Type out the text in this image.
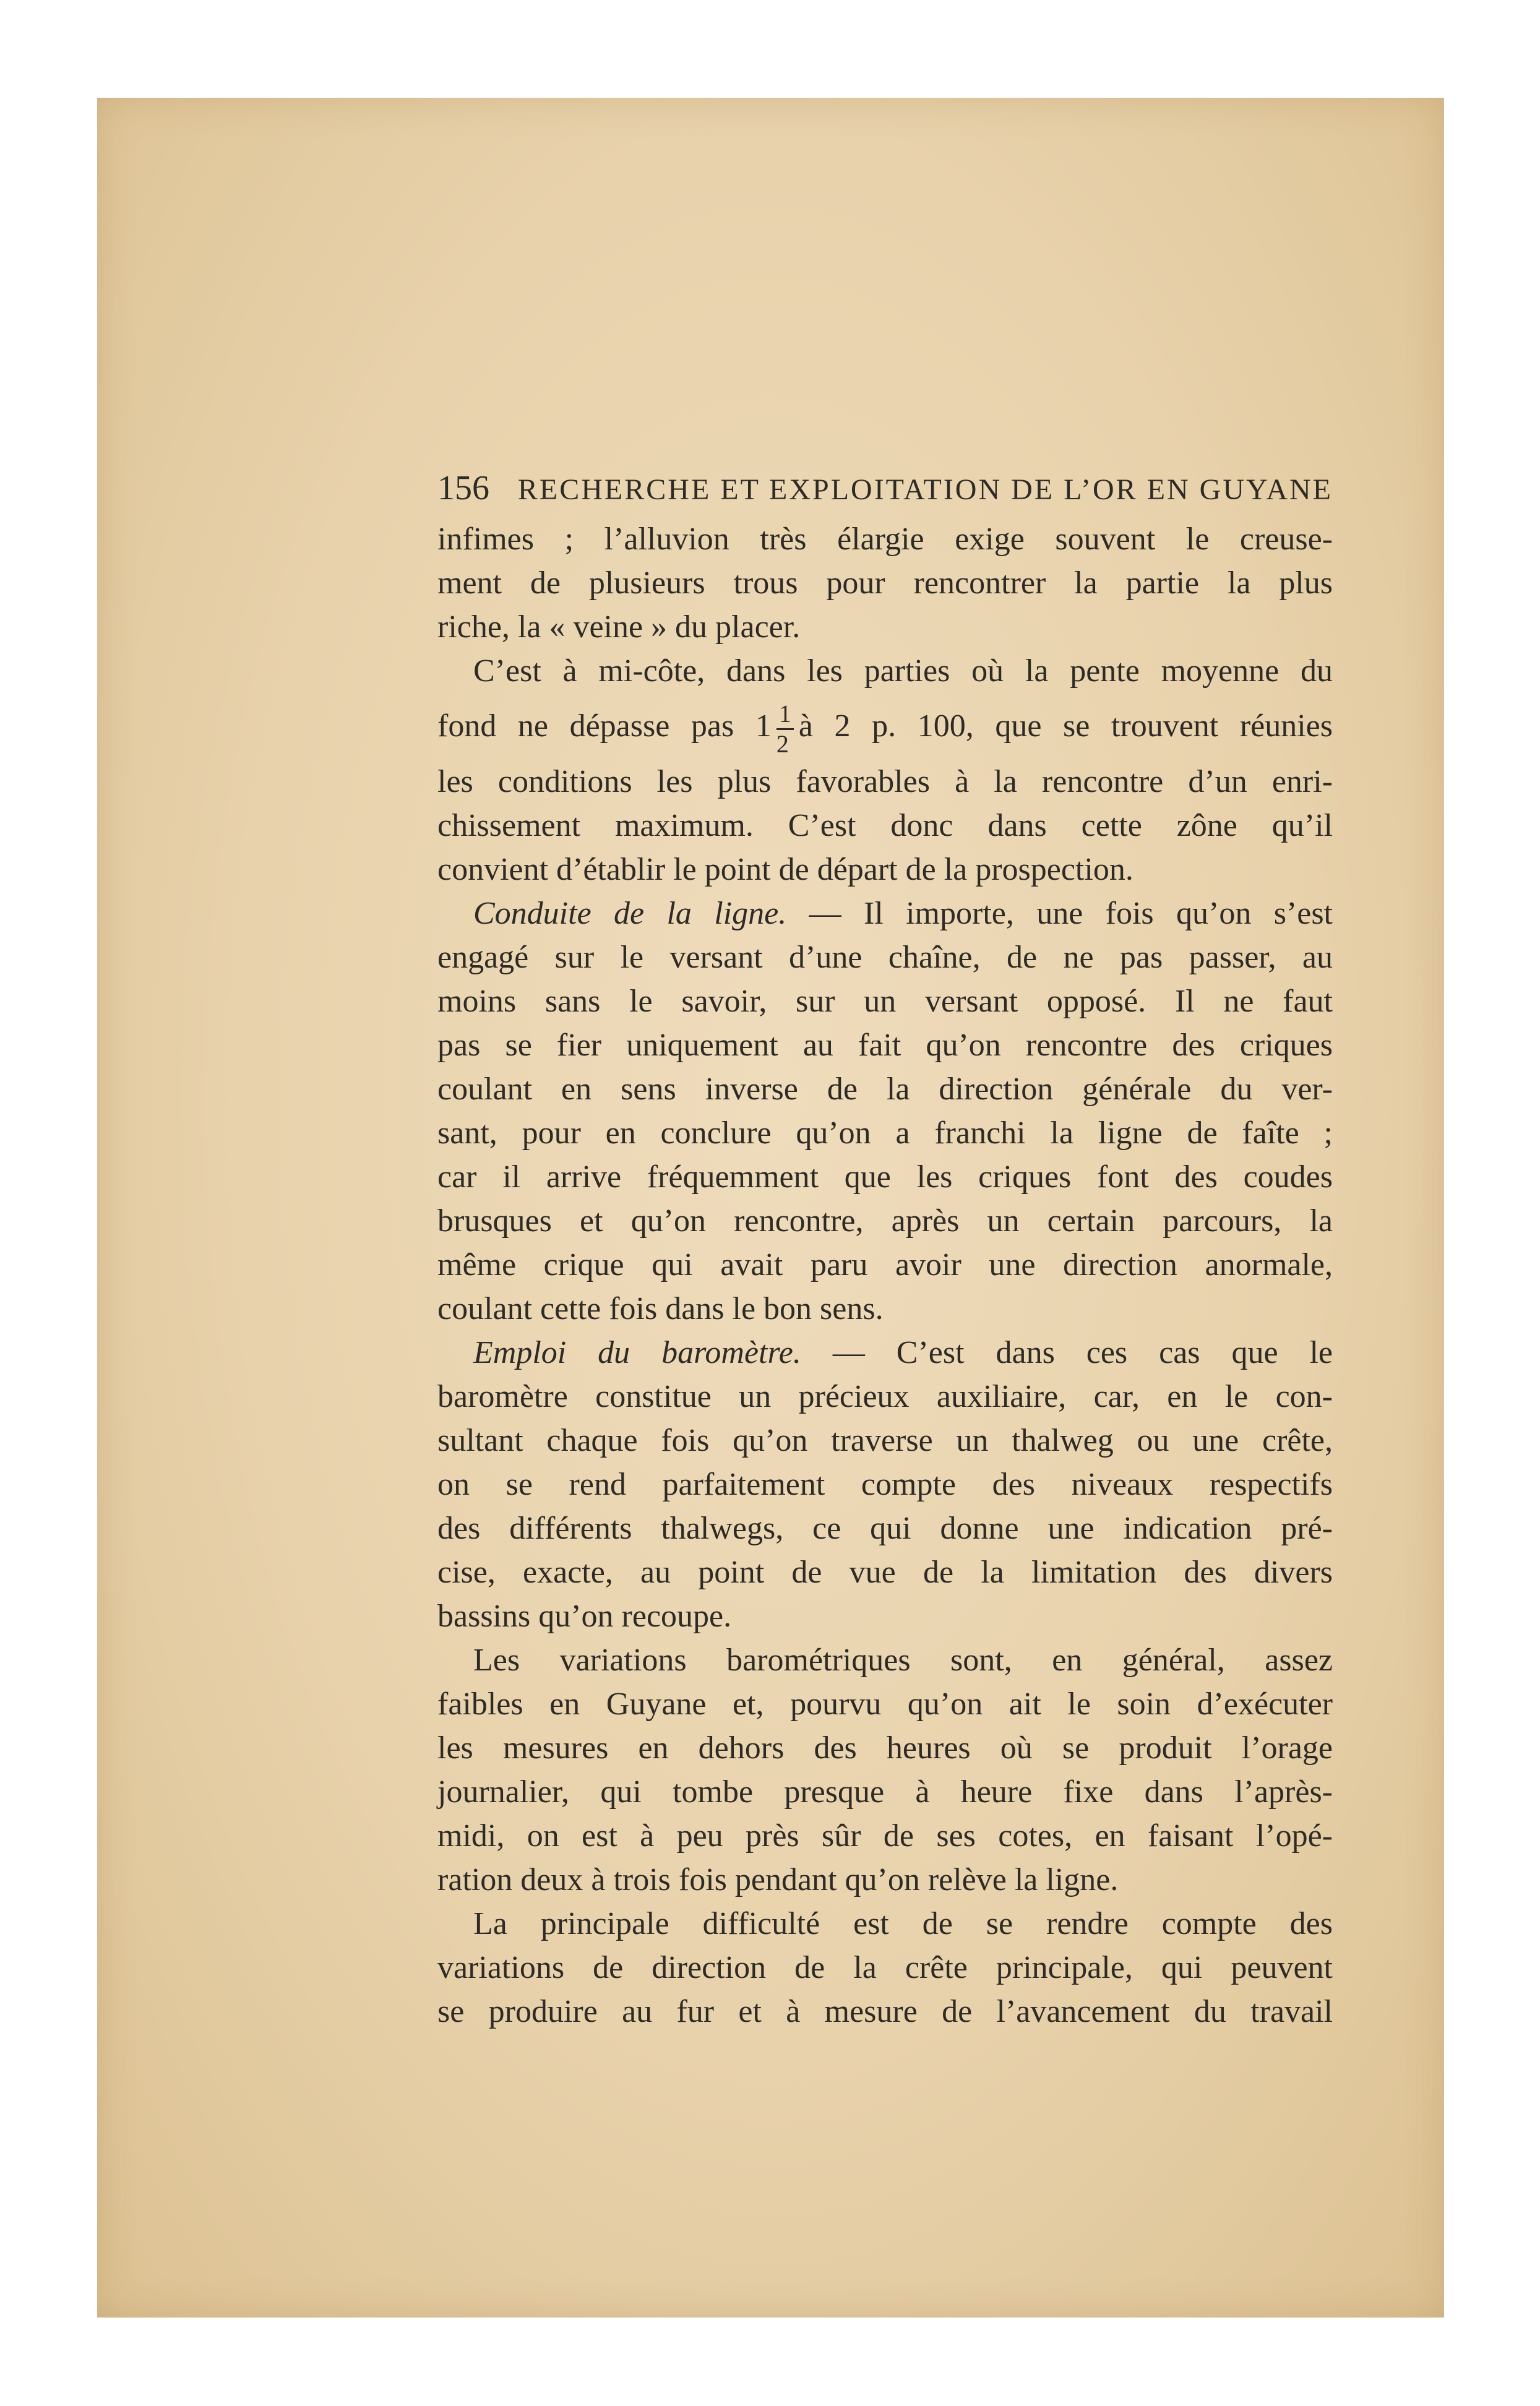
156 RECHERCHE ET EXPLOITATION DE L’OR EN GUYANE
infimes ; l’alluvion très élargie exige souvent le creuse-
ment de plusieurs trous pour rencontrer la partie la plus
riche, la « veine » du placer.
C’est à mi-côte, dans les parties où la pente moyenne du
fond ne dépasse pas $1 \frac{1}{2}$ à 2 p. 100, que se trouvent réunies
les conditions les plus favorables à la rencontre d’un enri-
chissement maximum. C’est donc dans cette zône qu’il
convient d’établir le point de départ de la prospection.
Conduite de la ligne. — Il importe, une fois qu’on s’est
engagé sur le versant d’une chaîne, de ne pas passer, au
moins sans le savoir, sur un versant opposé. Il ne faut
pas se fier uniquement au fait qu’on rencontre des criques
coulant en sens inverse de la direction générale du ver-
sant, pour en conclure qu’on a franchi la ligne de faîte ;
car il arrive fréquemment que les criques font des coudes
brusques et qu’on rencontre, après un certain parcours, la
même crique qui avait paru avoir une direction anormale,
coulant cette fois dans le bon sens.
Emploi du baromètre. — C’est dans ces cas que le
baromètre constitue un précieux auxiliaire, car, en le con-
sultant chaque fois qu’on traverse un thalweg ou une crête,
on se rend parfaitement compte des niveaux respectifs
des différents thalwegs, ce qui donne une indication pré-
cise, exacte, au point de vue de la limitation des divers
bassins qu’on recoupe.
Les variations barométriques sont, en général, assez
faibles en Guyane et, pourvu qu’on ait le soin d’exécuter
les mesures en dehors des heures où se produit l’orage
journalier, qui tombe presque à heure fixe dans l’après-
midi, on est à peu près sûr de ses cotes, en faisant l’opé-
ration deux à trois fois pendant qu’on relève la ligne.
La principale difficulté est de se rendre compte des
variations de direction de la crête principale, qui peuvent
se produire au fur et à mesure de l’avancement du travail
